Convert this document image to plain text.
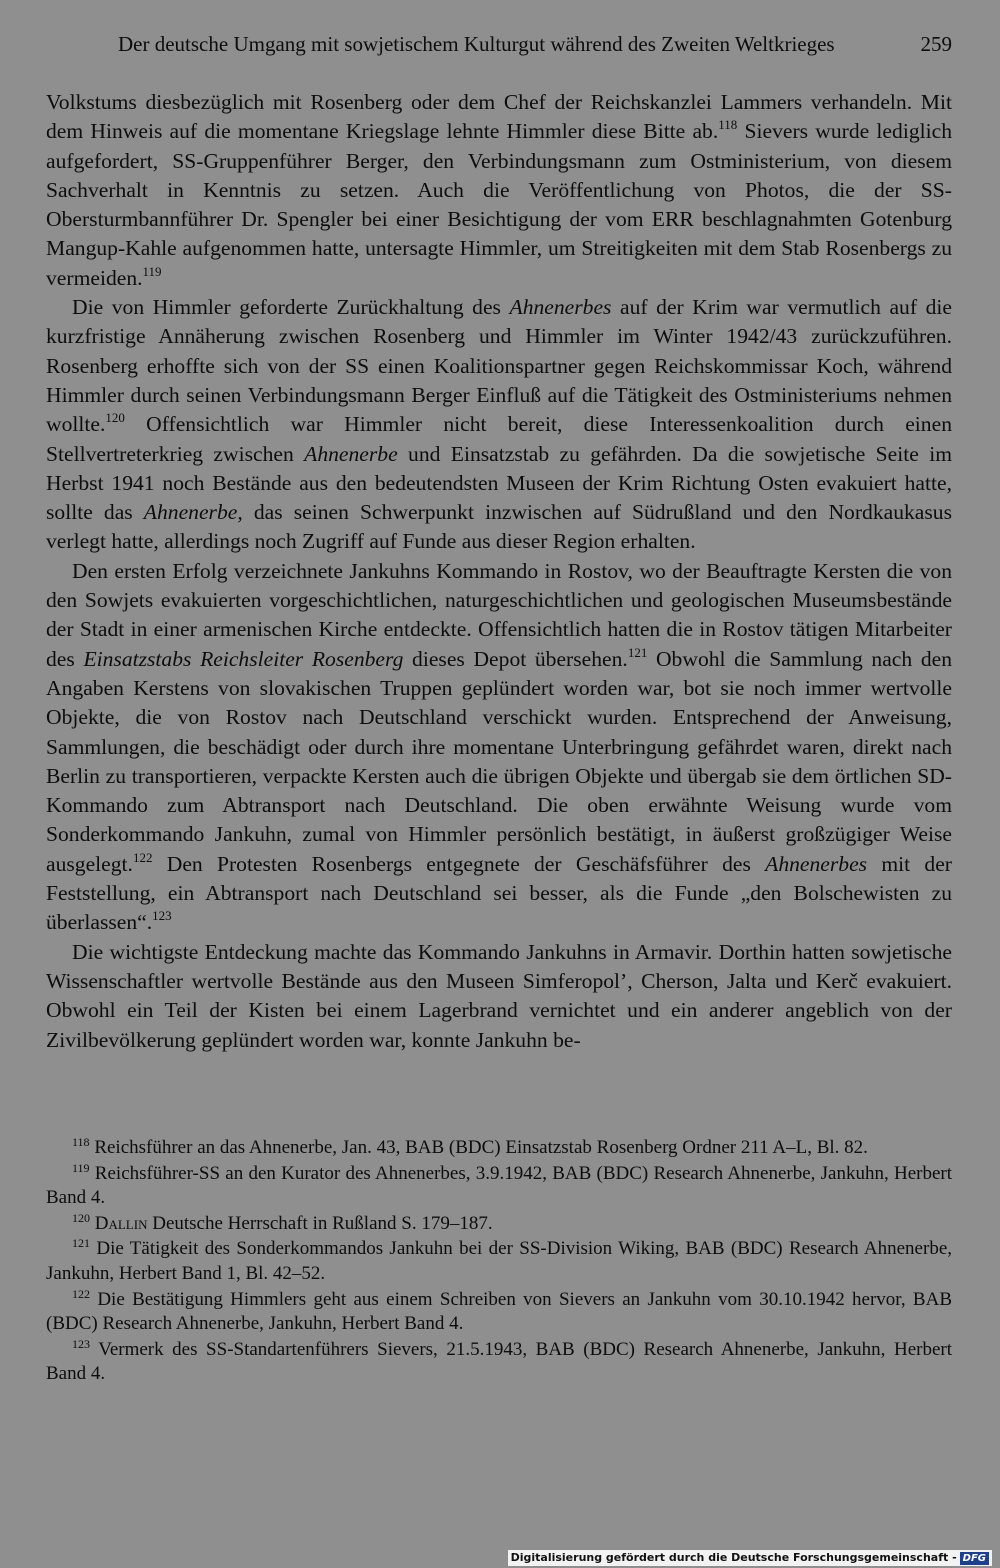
Der deutsche Umgang mit sowjetischem Kulturgut während des Zweiten Weltkrieges	259

Volkstums diesbezüglich mit Rosenberg oder dem Chef der Reichskanzlei Lammers verhandeln. Mit dem Hinweis auf die momentane Kriegslage lehnte Himmler diese Bitte ab.$^{118}$ Sievers wurde lediglich aufgefordert, SS-Gruppenführer Berger, den Verbindungsmann zum Ostministerium, von diesem Sachverhalt in Kenntnis zu setzen. Auch die Veröffentlichung von Photos, die der SS-Obersturmbannführer Dr. Spengler bei einer Besichtigung der vom ERR beschlagnahmten Gotenburg Mangup-Kahle aufgenommen hatte, untersagte Himmler, um Streitigkeiten mit dem Stab Rosenbergs zu vermeiden.$^{119}$

Die von Himmler geforderte Zurückhaltung des Ahnenerbes auf der Krim war vermutlich auf die kurzfristige Annäherung zwischen Rosenberg und Himmler im Winter 1942/43 zurückzuführen. Rosenberg erhoffte sich von der SS einen Koalitionspartner gegen Reichskommissar Koch, während Himmler durch seinen Verbindungsmann Berger Einfluß auf die Tätigkeit des Ostministeriums nehmen wollte.$^{120}$ Offensichtlich war Himmler nicht bereit, diese Interessenkoalition durch einen Stellvertreterkrieg zwischen Ahnenerbe und Einsatzstab zu gefährden. Da die sowjetische Seite im Herbst 1941 noch Bestände aus den bedeutendsten Museen der Krim Richtung Osten evakuiert hatte, sollte das Ahnenerbe, das seinen Schwerpunkt inzwischen auf Südrußland und den Nordkaukasus verlegt hatte, allerdings noch Zugriff auf Funde aus dieser Region erhalten.

Den ersten Erfolg verzeichnete Jankuhns Kommando in Rostov, wo der Beauftragte Kersten die von den Sowjets evakuierten vorgeschichtlichen, naturgeschichtlichen und geologischen Museumsbestände der Stadt in einer armenischen Kirche entdeckte. Offensichtlich hatten die in Rostov tätigen Mitarbeiter des Einsatzstabs Reichsleiter Rosenberg dieses Depot übersehen.$^{121}$ Obwohl die Sammlung nach den Angaben Kerstens von slovakischen Truppen geplündert worden war, bot sie noch immer wertvolle Objekte, die von Rostov nach Deutschland verschickt wurden. Entsprechend der Anweisung, Sammlungen, die beschädigt oder durch ihre momentane Unterbringung gefährdet waren, direkt nach Berlin zu transportieren, verpackte Kersten auch die übrigen Objekte und übergab sie dem örtlichen SD-Kommando zum Abtransport nach Deutschland. Die oben erwähnte Weisung wurde vom Sonderkommando Jankuhn, zumal von Himmler persönlich bestätigt, in äußerst großzügiger Weise ausgelegt.$^{122}$ Den Protesten Rosenbergs entgegnete der Geschäfsführer des Ahnenerbes mit der Feststellung, ein Abtransport nach Deutschland sei besser, als die Funde „den Bolschewisten zu überlassen“.$^{123}$

Die wichtigste Entdeckung machte das Kommando Jankuhns in Armavir. Dorthin hatten sowjetische Wissenschaftler wertvolle Bestände aus den Museen Simferopol’, Cherson, Jalta und Kerč evakuiert. Obwohl ein Teil der Kisten bei einem Lagerbrand vernichtet und ein anderer angeblich von der Zivilbevölkerung geplündert worden war, konnte Jankuhn be-

$^{118}$ Reichsführer an das Ahnenerbe, Jan. 43, BAB (BDC) Einsatzstab Rosenberg Ordner 211 A–L, Bl. 82.

$^{119}$ Reichsführer-SS an den Kurator des Ahnenerbes, 3.9.1942, BAB (BDC) Research Ahnenerbe, Jankuhn, Herbert Band 4.

$^{120}$ Dallin Deutsche Herrschaft in Rußland S. 179–187.

$^{121}$ Die Tätigkeit des Sonderkommandos Jankuhn bei der SS-Division Wiking, BAB (BDC) Research Ahnenerbe, Jankuhn, Herbert Band 1, Bl. 42–52.

$^{122}$ Die Bestätigung Himmlers geht aus einem Schreiben von Sievers an Jankuhn vom 30.10.1942 hervor, BAB (BDC) Research Ahnenerbe, Jankuhn, Herbert Band 4.

$^{123}$ Vermerk des SS-Standartenführers Sievers, 21.5.1943, BAB (BDC) Research Ahnenerbe, Jankuhn, Herbert Band 4.

Digitalisierung gefördert durch die Deutsche Forschungsgemeinschaft - DFG
